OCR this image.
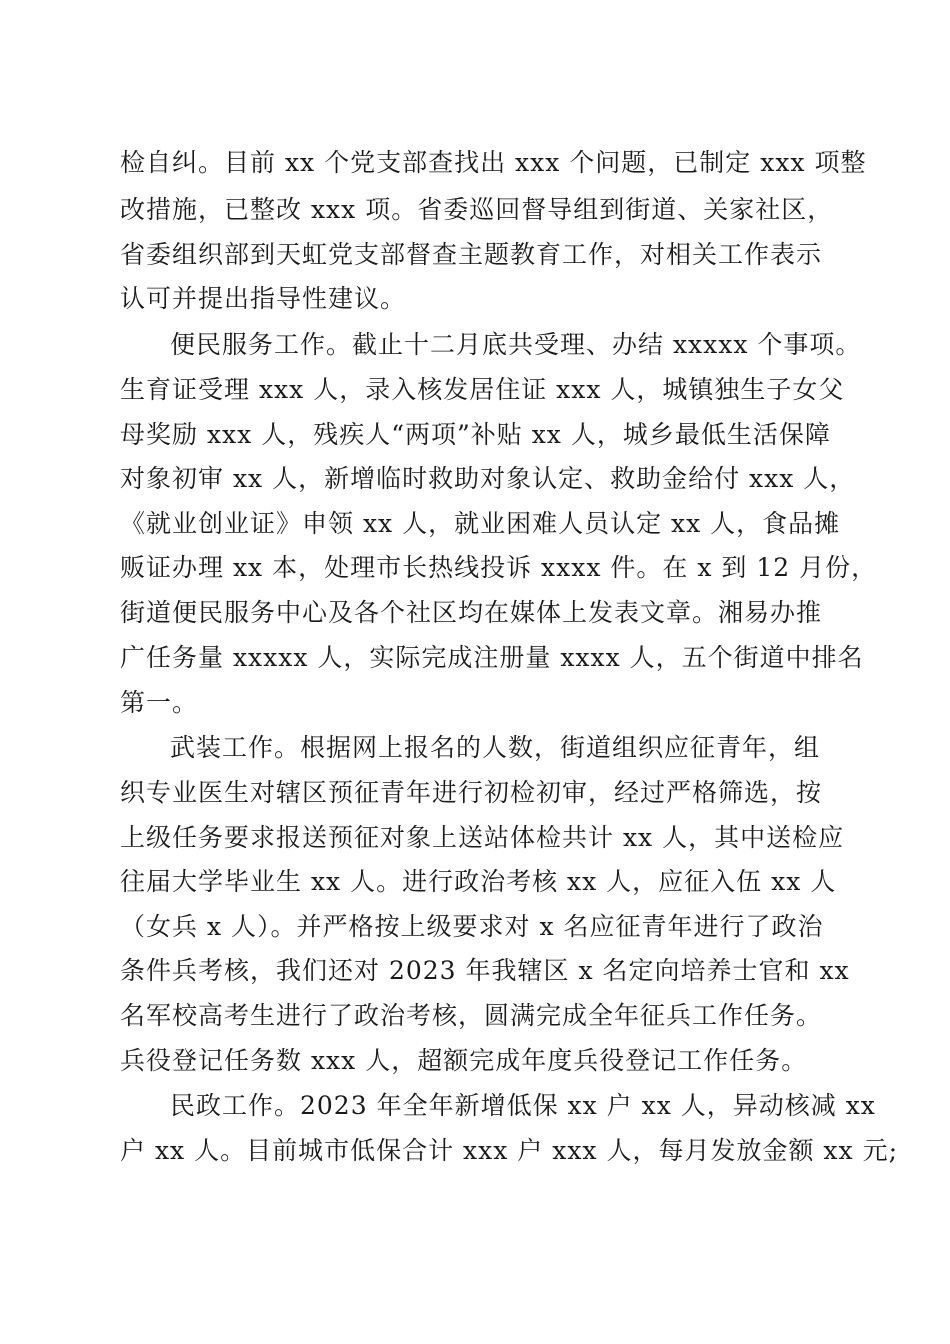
检自纠。目前 xx 个党支部查找出 xxx 个问题，已制定 xxx 项整
改措施，已整改 xxx 项。省委巡回督导组到街道、关家社区，
省委组织部到天虹党支部督查主题教育工作，对相关工作表示
认可并提出指导性建议。
便民服务工作。截止十二月底共受理、办结 xxxxx 个事项。
生育证受理 xxx 人，录入核发居住证 xxx 人，城镇独生子女父
母奖励 xxx 人，残疾人“两项”补贴 xx 人，城乡最低生活保障
对象初审 xx 人，新增临时救助对象认定、救助金给付 xxx 人，
《就业创业证》申领 xx 人，就业困难人员认定 xx 人，食品摊
贩证办理 xx 本，处理市长热线投诉 xxxx 件。在 x 到 12 月份，
街道便民服务中心及各个社区均在媒体上发表文章。湘易办推
广任务量 xxxxx 人，实际完成注册量 xxxx 人，五个街道中排名
第一。
武装工作。根据网上报名的人数，街道组织应征青年，组
织专业医生对辖区预征青年进行初检初审，经过严格筛选，按
上级任务要求报送预征对象上送站体检共计 xx 人，其中送检应
往届大学毕业生 xx 人。进行政治考核 xx 人，应征入伍 xx 人
（女兵 x 人）。并严格按上级要求对 x 名应征青年进行了政治
条件兵考核，我们还对 2023 年我辖区 x 名定向培养士官和 xx
名军校高考生进行了政治考核，圆满完成全年征兵工作任务。
兵役登记任务数 xxx 人，超额完成年度兵役登记工作任务。
民政工作。2023 年全年新增低保 xx 户 xx 人，异动核减 xx
户 xx 人。目前城市低保合计 xxx 户 xxx 人，每月发放金额 xx 元;
